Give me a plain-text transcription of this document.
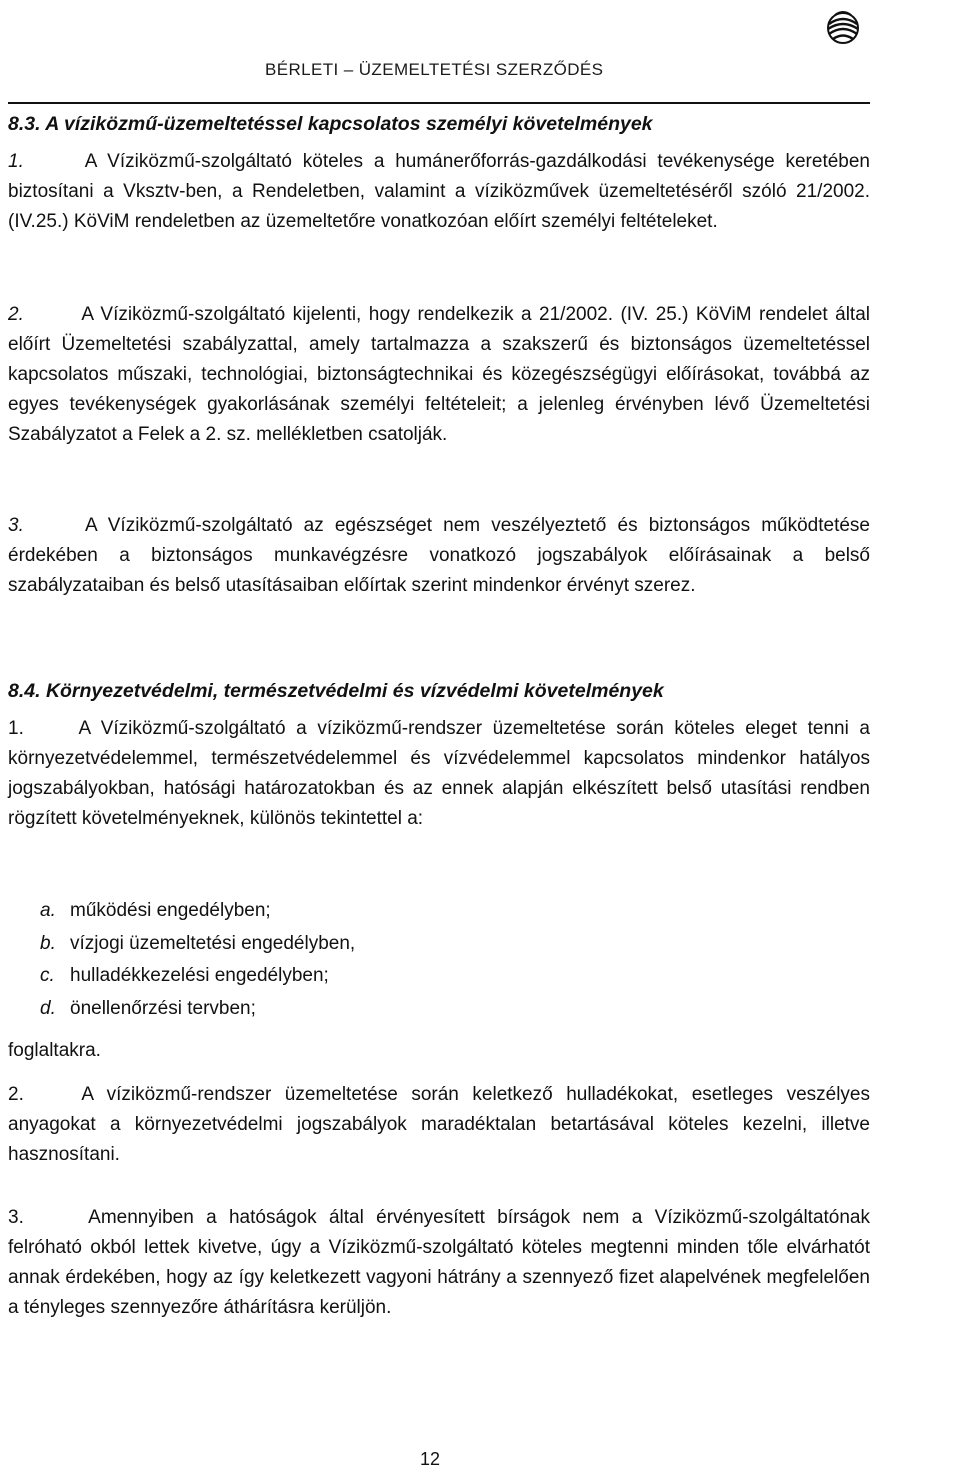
BÉRLETI – ÜZEMELTETÉSI SZERZŐDÉS
8.3. A víziközmű-üzemeltetéssel kapcsolatos személyi követelmények
1.	A Víziközmű-szolgáltató köteles a humánerőforrás-gazdálkodási tevékenysége keretében biztosítani a Vksztv-ben, a Rendeletben, valamint a víziközművek üzemeltetéséről szóló 21/2002. (IV.25.) KöViM rendeletben az üzemeltetőre vonatkozóan előírt személyi feltételeket.
2.	A Víziközmű-szolgáltató kijelenti, hogy rendelkezik a 21/2002. (IV. 25.) KöViM rendelet által előírt Üzemeltetési szabályzattal, amely tartalmazza a szakszerű és biztonságos üzemeltetéssel kapcsolatos műszaki, technológiai, biztonságtechnikai és közegészségügyi előírásokat, továbbá az egyes tevékenységek gyakorlásának személyi feltételeit; a jelenleg érvényben lévő Üzemeltetési Szabályzatot a Felek a 2. sz. mellékletben csatolják.
3.	A Víziközmű-szolgáltató az egészséget nem veszélyeztető és biztonságos működtetése érdekében a biztonságos munkavégzésre vonatkozó jogszabályok előírásainak a belső szabályzataiban és belső utasításaiban előírtak szerint mindenkor érvényt szerez.
8.4. Környezetvédelmi, természetvédelmi és vízvédelmi követelmények
1.	A Víziközmű-szolgáltató a víziközmű-rendszer üzemeltetése során köteles eleget tenni a környezetvédelemmel, természetvédelemmel és vízvédelemmel kapcsolatos mindenkor hatályos jogszabályokban, hatósági határozatokban és az ennek alapján elkészített belső utasítási rendben rögzített követelményeknek, különös tekintettel a:
a. működési engedélyben;
b. vízjogi üzemeltetési engedélyben,
c. hulladékkezelési engedélyben;
d. önellenőrzési tervben;
foglaltakra.
2.	A víziközmű-rendszer üzemeltetése során keletkező hulladékokat, esetleges veszélyes anyagokat a környezetvédelmi jogszabályok maradéktalan betartásával köteles kezelni, illetve hasznosítani.
3.	Amennyiben a hatóságok által érvényesített bírságok nem a Víziközmű-szolgáltatónak felróható okból lettek kivetve, úgy a Víziközmű-szolgáltató köteles megtenni minden tőle elvárhatót annak érdekében, hogy az így keletkezett vagyoni hátrány a szennyező fizet alapelvének megfelelően a tényleges szennyezőre áthárításra kerüljön.
12
